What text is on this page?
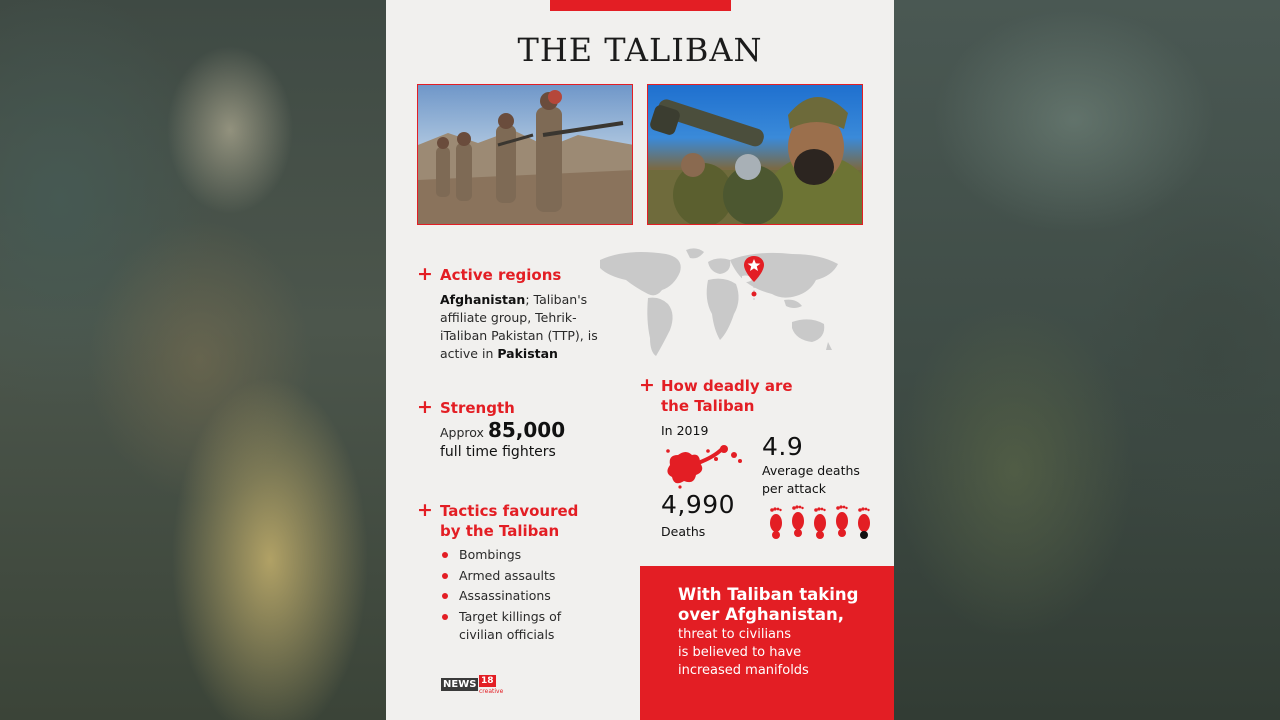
THE TALIBAN
+ Active regions
Afghanistan; Taliban's affiliate group, Tehrik-iTaliban Pakistan (TTP), is active in Pakistan
+ Strength
Approx 85,000
full time fighters
+ Tactics favoured
by the Taliban
Bombings
Armed assaults
Assassinations
Target killings of civilian officials
+ How deadly are
the Taliban
In 2019
4,990
Deaths
4.9
Average deaths
per attack
With Taliban taking
over Afghanistan,
threat to civilians
is believed to have
increased manifolds
NEWS 18
creative
